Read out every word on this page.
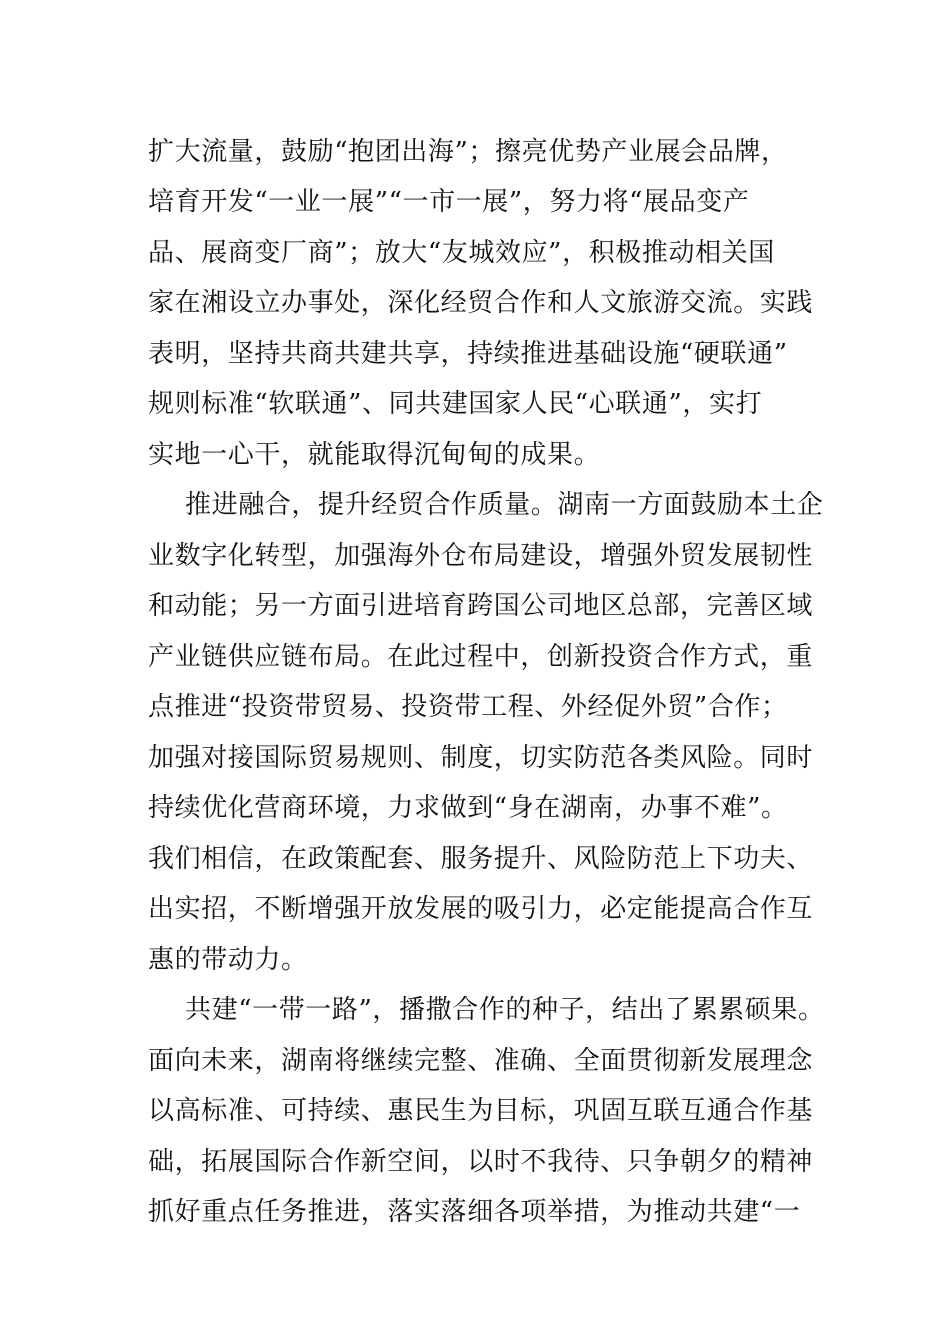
扩大流量，鼓励“抱团出海”；擦亮优势产业展会品牌，
培育开发“一业一展”“一市一展”，努力将“展品变产
品、展商变厂商”；放大“友城效应”，积极推动相关国
家在湘设立办事处，深化经贸合作和人文旅游交流。实践
表明，坚持共商共建共享，持续推进基础设施“硬联通”
规则标准“软联通”、同共建国家人民“心联通”，实打
实地一心干，就能取得沉甸甸的成果。
推进融合，提升经贸合作质量。湖南一方面鼓励本土企
业数字化转型，加强海外仓布局建设，增强外贸发展韧性
和动能；另一方面引进培育跨国公司地区总部，完善区域
产业链供应链布局。在此过程中，创新投资合作方式，重
点推进“投资带贸易、投资带工程、外经促外贸”合作；
加强对接国际贸易规则、制度，切实防范各类风险。同时
持续优化营商环境，力求做到“身在湖南，办事不难”。
我们相信，在政策配套、服务提升、风险防范上下功夫、
出实招，不断增强开放发展的吸引力，必定能提高合作互
惠的带动力。
共建“一带一路”，播撒合作的种子，结出了累累硕果。
面向未来，湖南将继续完整、准确、全面贯彻新发展理念
以高标准、可持续、惠民生为目标，巩固互联互通合作基
础，拓展国际合作新空间，以时不我待、只争朝夕的精神
抓好重点任务推进，落实落细各项举措，为推动共建“一
